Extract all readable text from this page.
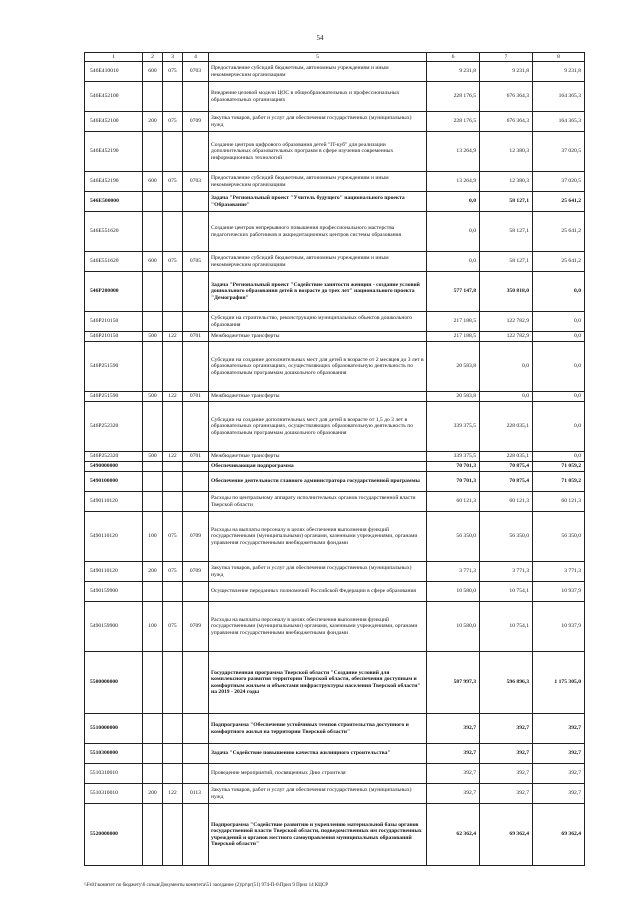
54
1	2	3	4	5	6	7	8
546E410010	600	075	0703	Предоставление субсидий бюджетным, автономным учреждениям и иным некоммерческим организациям	9 231,8	9 231,8	9 231,8
546E452100				Внедрение целевой модели ЦОС в общеобразовательных и профессиональных образовательных организациях	228 176,5	676 364,3	164 365,3
546E452100	200	075	0709	Закупка товаров, работ и услуг для обеспечения государственных (муниципальных) нужд	228 176,5	676 364,3	164 365,3
546E452190				Создание центров цифрового образования детей "IT-куб" для реализации дополнительных образовательных программ в сфере изучения современных информационных технологий	13 264,9	12 380,3	37 020,5
546E452190	600	075	0703	Предоставление субсидий бюджетным, автономным учреждениям и иным некоммерческим организациям	13 264,9	12 380,3	37 020,5
546E500000				Задача "Региональный проект "Учитель будущего" национального проекта "Образование"	0,0	58 127,1	25 641,2
546E551620				Создание центров непрерывного повышения профессионального мастерства педагогических работников и аккредитационных центров системы образования	0,0	58 127,1	25 641,2
546E551620	600	075	0705	Предоставление субсидий бюджетным, автономным учреждениям и иным некоммерческим организациям	0,0	58 127,1	25 641,2
546P200000				Задача "Региональный проект "Содействие занятости женщин - создание условий дошкольного образования детей в возрасте до трех лет" национального проекта "Демография"	577 147,8	350 818,0	0,0
546P210150				Субсидии на строительство, реконструкцию муниципальных объектов дошкольного образования	217 188,5	122 782,9	0,0
546P210150	500	122	0701	Межбюджетные трансферты	217 188,5	122 782,9	0,0
546P251590				Субсидии на создание дополнительных мест для детей в возрасте от 2 месяцев до 3 лет в образовательных организациях, осуществляющих образовательную деятельность по образовательным программам дошкольного образования	20 583,8	0,0	0,0
546P251590	500	122	0701	Межбюджетные трансферты	20 583,8	0,0	0,0
546P252320				Субсидии на создание дополнительных мест для детей в возрасте от 1,5 до 3 лет в образовательных организациях, осуществляющих образовательную деятельность по образовательным программам дошкольного образования	339 375,5	228 035,1	0,0
546P252320	500	122	0701	Межбюджетные трансферты	339 375,5	228 035,1	0,0
5490000000				Обеспечивающая подпрограмма	70 701,3	70 875,4	71 059,2
5490100000				Обеспечение деятельности главного администратора государственной программы	70 701,3	70 875,4	71 059,2
5490110120				Расходы по центральному аппарату исполнительных органов государственной власти Тверской области	60 121,3	60 121,3	60 121,3
5490110120	100	075	0709	Расходы на выплаты персоналу в целях обеспечения выполнения функций государственными (муниципальными) органами, казенными учреждениями, органами управления государственными внебюджетными фондами	56 350,0	56 350,0	56 350,0
5490110120	200	075	0709	Закупка товаров, работ и услуг для обеспечения государственных (муниципальных) нужд	3 771,3	3 771,3	3 771,3
5490159900				Осуществление переданных полномочий Российской Федерации в сфере образования	10 580,0	10 754,1	10 937,9
5490159900	100	075	0709	Расходы на выплаты персоналу в целях обеспечения выполнения функций государственными (муниципальными) органами, казенными учреждениями, органами управления государственными внебюджетными фондами	10 580,0	10 754,1	10 937,9
5500000000				Государственная программа Тверской области "Создание условий для комплексного развития территории Тверской области, обеспечения доступным и комфортным жильем и объектами инфраструктуры населения Тверской области" на 2019 - 2024 годы	587 997,3	596 896,3	1 175 305,0
5510000000				Подпрограмма "Обеспечение устойчивых темпов строительства доступного и комфортного жилья на территории Тверской области"	392,7	392,7	392,7
5510300000				Задача "Содействие повышению качества жилищного строительства"	392,7	392,7	392,7
5510310010				Проведение мероприятий, посвященных Дню строителя	392,7	392,7	392,7
5510310010	200	122	0113	Закупка товаров, работ и услуг для обеспечения государственных (муниципальных) нужд	392,7	392,7	392,7
5520000000				Подпрограмма "Содействие развитию и укреплению материальной базы органов государственной власти Тверской области, подведомственных им государственных учреждений и органов местного самоуправления муниципальных образований Тверской области"	62 362,4	69 362,4	69 362,4
\\Fs01\комитет по бюджету\6 созыв\Документы комитета\51 заседание (2)\pr\pr(51) 974-П-6\Прил 9 Прил 14 КЦСР
